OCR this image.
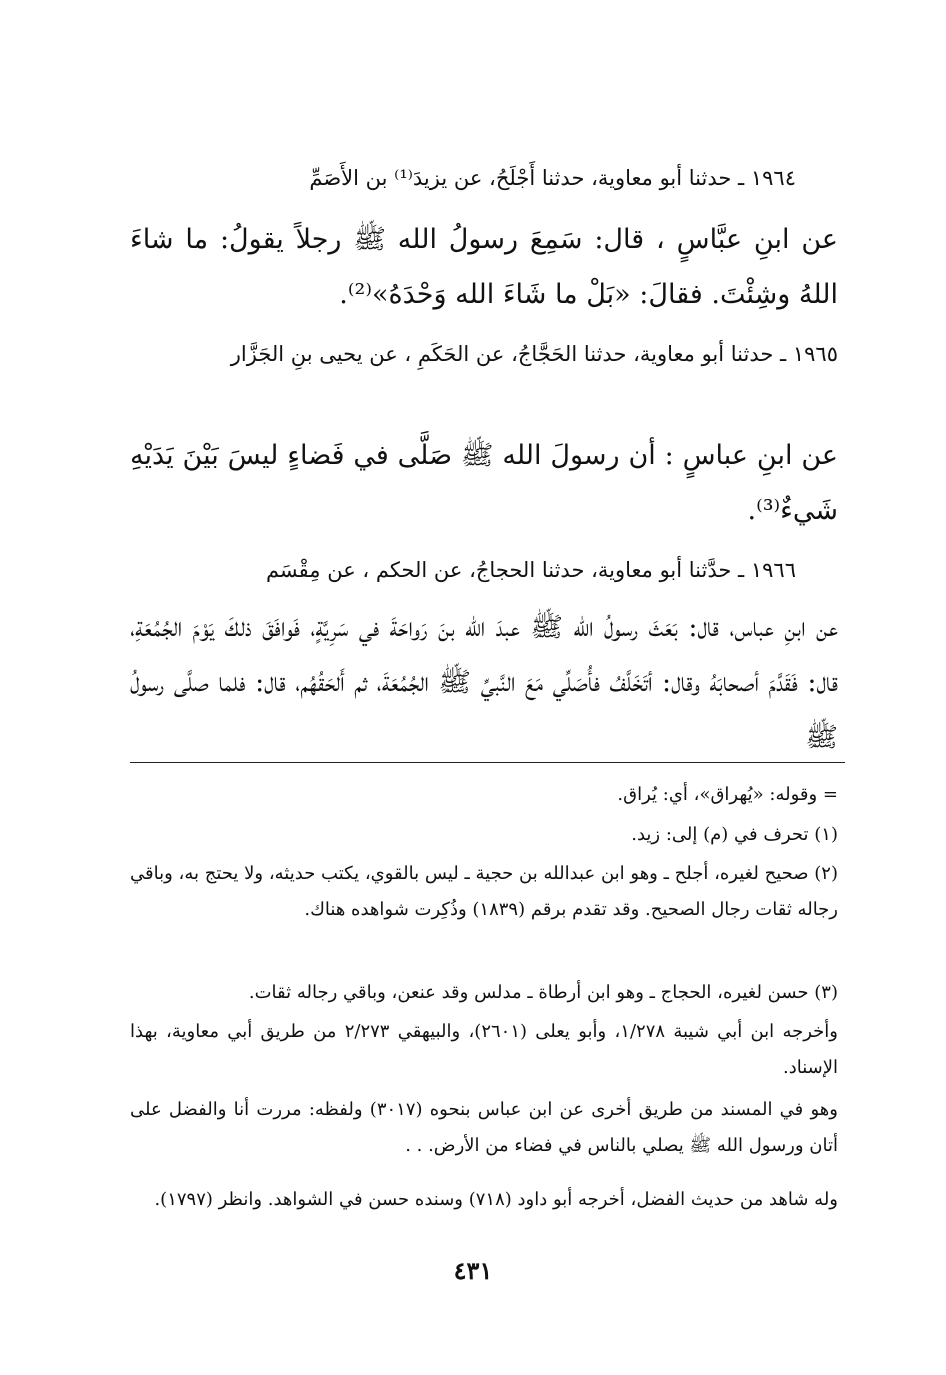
١٩٦٤ ـ حدثنا أبو معاوية، حدثنا أَجْلَحُ، عن يزيدَ⁽¹⁾ بن الأَصَمِّ
عن ابنِ عبَّاسٍ ، قال: سَمِعَ رسولُ الله ﷺ رجلاً يقولُ: ما شاءَ اللهُ وشِئْتَ. فقالَ: «بَلْ ما شَاءَ الله وَحْدَهُ»⁽²⁾.
١٩٦٥ ـ حدثنا أبو معاوية، حدثنا الحَجَّاجُ، عن الحَكَمِ ، عن يحيى بنِ الجَزَّار
عن ابنِ عباسٍ : أن رسولَ الله ﷺ صَلَّى في فَضاءٍ ليسَ بَيْنَ يَدَيْهِ شَيءٌ⁽³⁾.
١٩٦٦ ـ حدَّثنا أبو معاوية، حدثنا الحجاجُ، عن الحكم ، عن مِقْسَم
عن ابنِ عباس، قال: بَعَثَ رسولُ الله ﷺ عبدَ الله بنَ رَواحَةَ في سَرِيَّةٍ، فَوافَقَ ذلكَ يَوْمَ الجُمُعَةِ، قال: فَقَدَّمَ أصحابَهُ وقال: أتَخَلَّفُ فأُصَلِّي مَعَ النَّبيِّ ﷺ الجُمُعَةَ، ثم أَلحَقُهُم، قال: فلما صلَّى رسولُ ﷺ
= وقوله: «يُهراق»، أي: يُراق.
(١) تحرف في (م) إلى: زيد.
(٢) صحيح لغيره، أجلح ـ وهو ابن عبدالله بن حجية ـ ليس بالقوي، يكتب حديثه، ولا يحتج به، وباقي رجاله ثقات رجال الصحيح. وقد تقدم برقم (١٨٣٩) وذُكِرت شواهده هناك.
(٣) حسن لغيره، الحجاج ـ وهو ابن أرطاة ـ مدلس وقد عنعن، وباقي رجاله ثقات.
وأخرجه ابن أبي شيبة ١/٢٧٨، وأبو يعلى (٢٦٠١)، والبيهقي ٢/٢٧٣ من طريق أبي معاوية، بهذا الإسناد.
وهو في المسند من طريق أخرى عن ابن عباس بنحوه (٣٠١٧) ولفظه: مررت أنا والفضل على أتان ورسول الله ﷺ يصلي بالناس في فضاء من الأرض. . .
وله شاهد من حديث الفضل، أخرجه أبو داود (٧١٨) وسنده حسن في الشواهد. وانظر (١٧٩٧).
٤٣١
